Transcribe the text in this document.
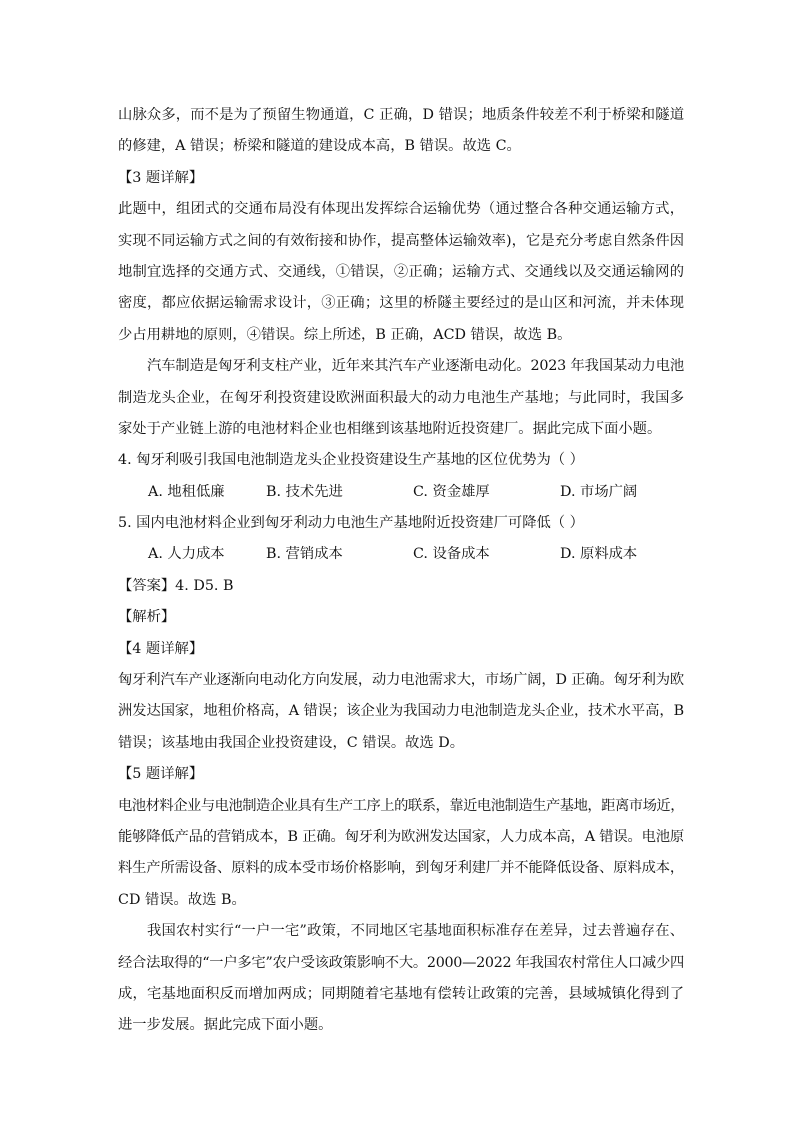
山脉众多，而不是为了预留生物通道，C 正确，D 错误；地质条件较差不利于桥梁和隧道
的修建，A 错误；桥梁和隧道的建设成本高，B 错误。故选 C。
【3 题详解】
此题中，组团式的交通布局没有体现出发挥综合运输优势（通过整合各种交通运输方式，
实现不同运输方式之间的有效衔接和协作，提高整体运输效率)，它是充分考虑自然条件因
地制宜选择的交通方式、交通线，①错误，②正确；运输方式、交通线以及交通运输网的
密度，都应依据运输需求设计，③正确；这里的桥隧主要经过的是山区和河流，并未体现
少占用耕地的原则，④错误。综上所述，B 正确，ACD 错误，故选 B。
汽车制造是匈牙利支柱产业，近年来其汽车产业逐渐电动化。2023 年我国某动力电池
制造龙头企业，在匈牙利投资建设欧洲面积最大的动力电池生产基地；与此同时，我国多
家处于产业链上游的电池材料企业也相继到该基地附近投资建厂。据此完成下面小题。
4. 匈牙利吸引我国电池制造龙头企业投资建设生产基地的区位优势为（ ）
A. 地租低廉	B. 技术先进	C. 资金雄厚	D. 市场广阔
5. 国内电池材料企业到匈牙利动力电池生产基地附近投资建厂可降低（ ）
A. 人力成本	B. 营销成本	C. 设备成本	D. 原料成本
【答案】4. D5. B
【解析】
【4 题详解】
匈牙利汽车产业逐渐向电动化方向发展，动力电池需求大，市场广阔，D 正确。匈牙利为欧
洲发达国家，地租价格高，A 错误；该企业为我国动力电池制造龙头企业，技术水平高，B
错误；该基地由我国企业投资建设，C 错误。故选 D。
【5 题详解】
电池材料企业与电池制造企业具有生产工序上的联系，靠近电池制造生产基地，距离市场近，
能够降低产品的营销成本，B 正确。匈牙利为欧洲发达国家，人力成本高，A 错误。电池原
料生产所需设备、原料的成本受市场价格影响，到匈牙利建厂并不能降低设备、原料成本，
CD 错误。故选 B。
我国农村实行“一户一宅”政策，不同地区宅基地面积标准存在差异，过去普遍存在、
经合法取得的“一户多宅”农户受该政策影响不大。2000—2022 年我国农村常住人口减少四
成，宅基地面积反而增加两成；同期随着宅基地有偿转让政策的完善，县域城镇化得到了
进一步发展。据此完成下面小题。
